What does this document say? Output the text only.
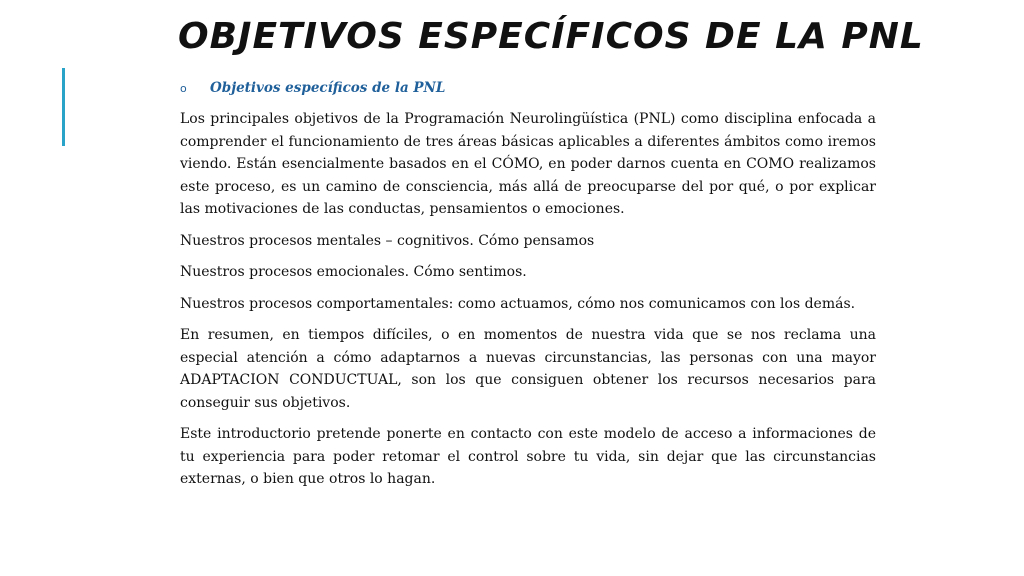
OBJETIVOS ESPECÍFICOS DE LA PNL
o	Objetivos específicos de la PNL

Los principales objetivos de la Programación Neurolingüística (PNL) como disciplina enfocada a comprender el funcionamiento de tres áreas básicas aplicables a diferentes ámbitos como iremos viendo. Están esencialmente basados en el CÓMO, en poder darnos cuenta en COMO realizamos este proceso, es un camino de consciencia, más allá de preocuparse del por qué, o por explicar las motivaciones de las conductas, pensamientos o emociones.

Nuestros procesos mentales – cognitivos. Cómo pensamos

Nuestros procesos emocionales. Cómo sentimos.

Nuestros procesos comportamentales: como actuamos, cómo nos comunicamos con los demás.

En resumen, en tiempos difíciles, o en momentos de nuestra vida que se nos reclama una especial atención a cómo adaptarnos a nuevas circunstancias, las personas con una mayor ADAPTACION CONDUCTUAL, son los que consiguen obtener los recursos necesarios para conseguir sus objetivos.

Este introductorio pretende ponerte en contacto con este modelo de acceso a informaciones de tu experiencia para poder retomar el control sobre tu vida, sin dejar que las circunstancias externas, o bien que otros lo hagan.
